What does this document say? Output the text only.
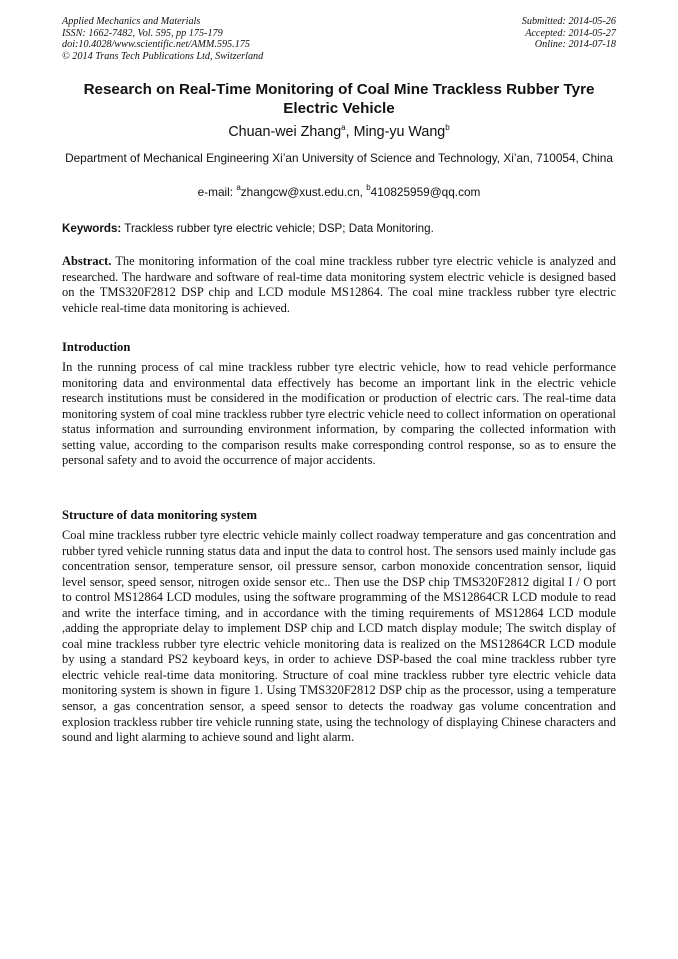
Applied Mechanics and Materials
ISSN: 1662-7482, Vol. 595, pp 175-179
doi:10.4028/www.scientific.net/AMM.595.175
© 2014 Trans Tech Publications Ltd, Switzerland
Submitted: 2014-05-26
Accepted: 2014-05-27
Online: 2014-07-18
Research on Real-Time Monitoring of Coal Mine Trackless Rubber Tyre Electric Vehicle
Chuan-wei Zhang$^a$, Ming-yu Wang$^b$
Department of Mechanical Engineering Xi’an University of Science and Technology, Xi’an, 710054, China
e-mail: $^a$zhangcw@xust.edu.cn, $^b$410825959@qq.com
Keywords: Trackless rubber tyre electric vehicle; DSP; Data Monitoring.
Abstract. The monitoring information of the coal mine trackless rubber tyre electric vehicle is analyzed and researched. The hardware and software of real-time data monitoring system electric vehicle is designed based on the TMS320F2812 DSP chip and LCD module MS12864. The coal mine trackless rubber tyre electric vehicle real-time data monitoring is achieved.
Introduction
In the running process of cal mine trackless rubber tyre electric vehicle, how to read vehicle performance monitoring data and environmental data effectively has become an important link in the electric vehicle research institutions must be considered in the modification or production of electric cars. The real-time data monitoring system of coal mine trackless rubber tyre electric vehicle need to collect information on operational status information and surrounding environment information, by comparing the collected information with setting value, according to the comparison results make corresponding control response, so as to ensure the personal safety and to avoid the occurrence of major accidents.
Structure of data monitoring system
Coal mine trackless rubber tyre electric vehicle mainly collect roadway temperature and gas concentration and rubber tyred vehicle running status data and input the data to control host. The sensors used mainly include gas concentration sensor, temperature sensor, oil pressure sensor, carbon monoxide concentration sensor, liquid level sensor, speed sensor, nitrogen oxide sensor etc.. Then use the DSP chip TMS320F2812 digital I / O port to control MS12864 LCD modules, using the software programming of the MS12864CR LCD module to read and write the interface timing, and in accordance with the timing requirements of MS12864 LCD module ,adding the appropriate delay to implement DSP chip and LCD match display module; The switch display of coal mine trackless rubber tyre electric vehicle monitoring data is realized on the MS12864CR LCD module by using a standard PS2 keyboard keys, in order to achieve DSP-based the coal mine trackless rubber tyre electric vehicle real-time data monitoring. Structure of coal mine trackless rubber tyre electric vehicle data monitoring system is shown in figure 1. Using TMS320F2812 DSP chip as the processor, using a temperature sensor, a gas concentration sensor, a speed sensor to detects the roadway gas volume concentration and explosion trackless rubber tire vehicle running state, using the technology of displaying Chinese characters and sound and light alarming to achieve sound and light alarm.
